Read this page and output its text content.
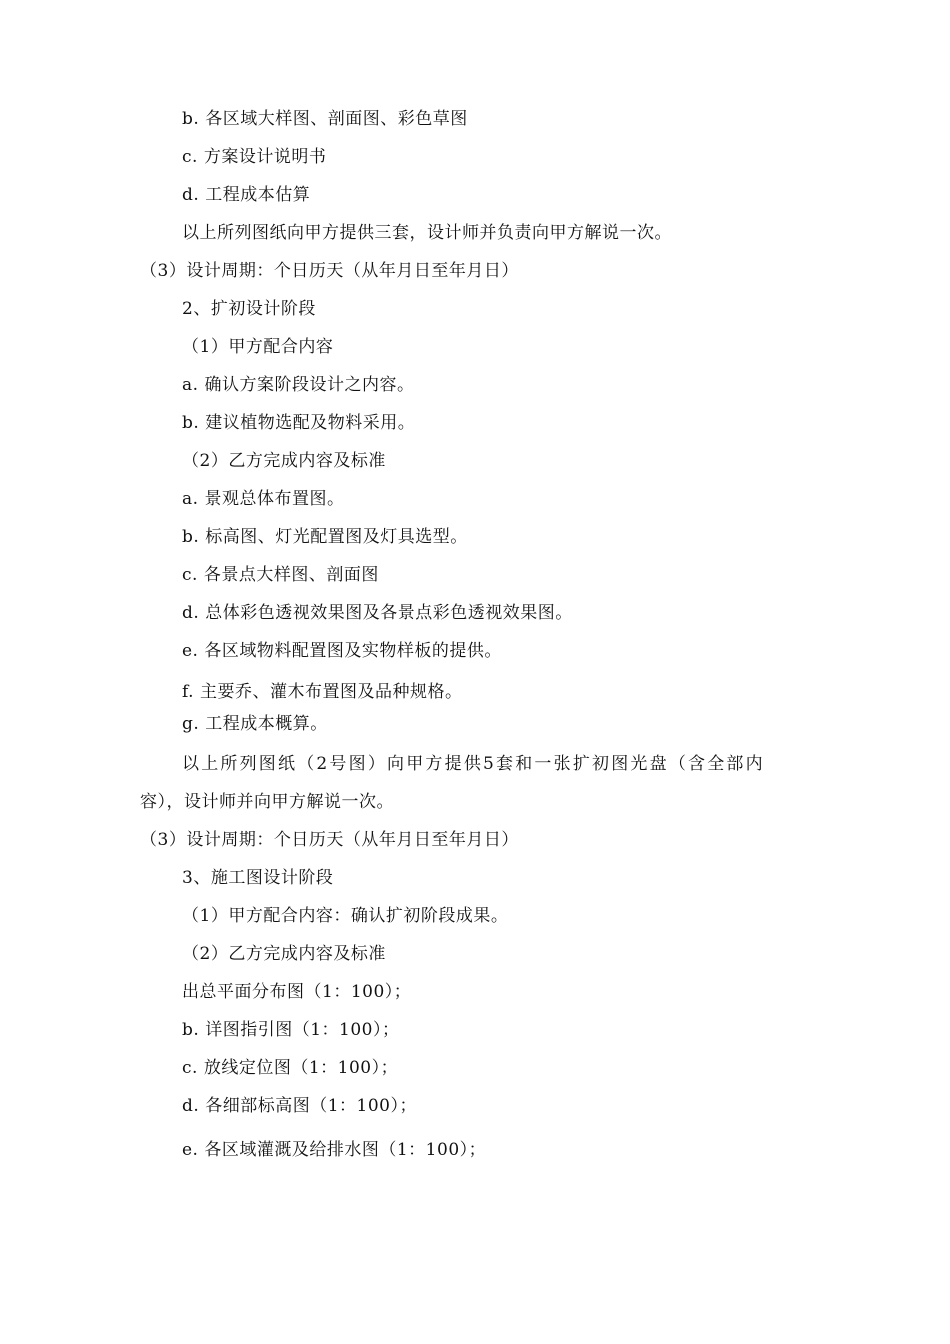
b. 各区域大样图、剖面图、彩色草图
c. 方案设计说明书
d. 工程成本估算
以上所列图纸向甲方提供三套，设计师并负责向甲方解说一次。
（3）设计周期：个日历天（从年月日至年月日）
2、扩初设计阶段
（1）甲方配合内容
a. 确认方案阶段设计之内容。
b. 建议植物选配及物料采用。
（2）乙方完成内容及标准
a. 景观总体布置图。
b. 标高图、灯光配置图及灯具选型。
c. 各景点大样图、剖面图
d. 总体彩色透视效果图及各景点彩色透视效果图。
e. 各区域物料配置图及实物样板的提供。
f. 主要乔、灌木布置图及品种规格。
g. 工程成本概算。
以上所列图纸（2号图）向甲方提供5套和一张扩初图光盘（含全部内
容），设计师并向甲方解说一次。
（3）设计周期：个日历天（从年月日至年月日）
3、施工图设计阶段
（1）甲方配合内容：确认扩初阶段成果。
（2）乙方完成内容及标准
出总平面分布图（1：100）；
b. 详图指引图（1：100）；
c. 放线定位图（1：100）；
d. 各细部标高图（1：100）；
e. 各区域灌溉及给排水图（1：100）；
